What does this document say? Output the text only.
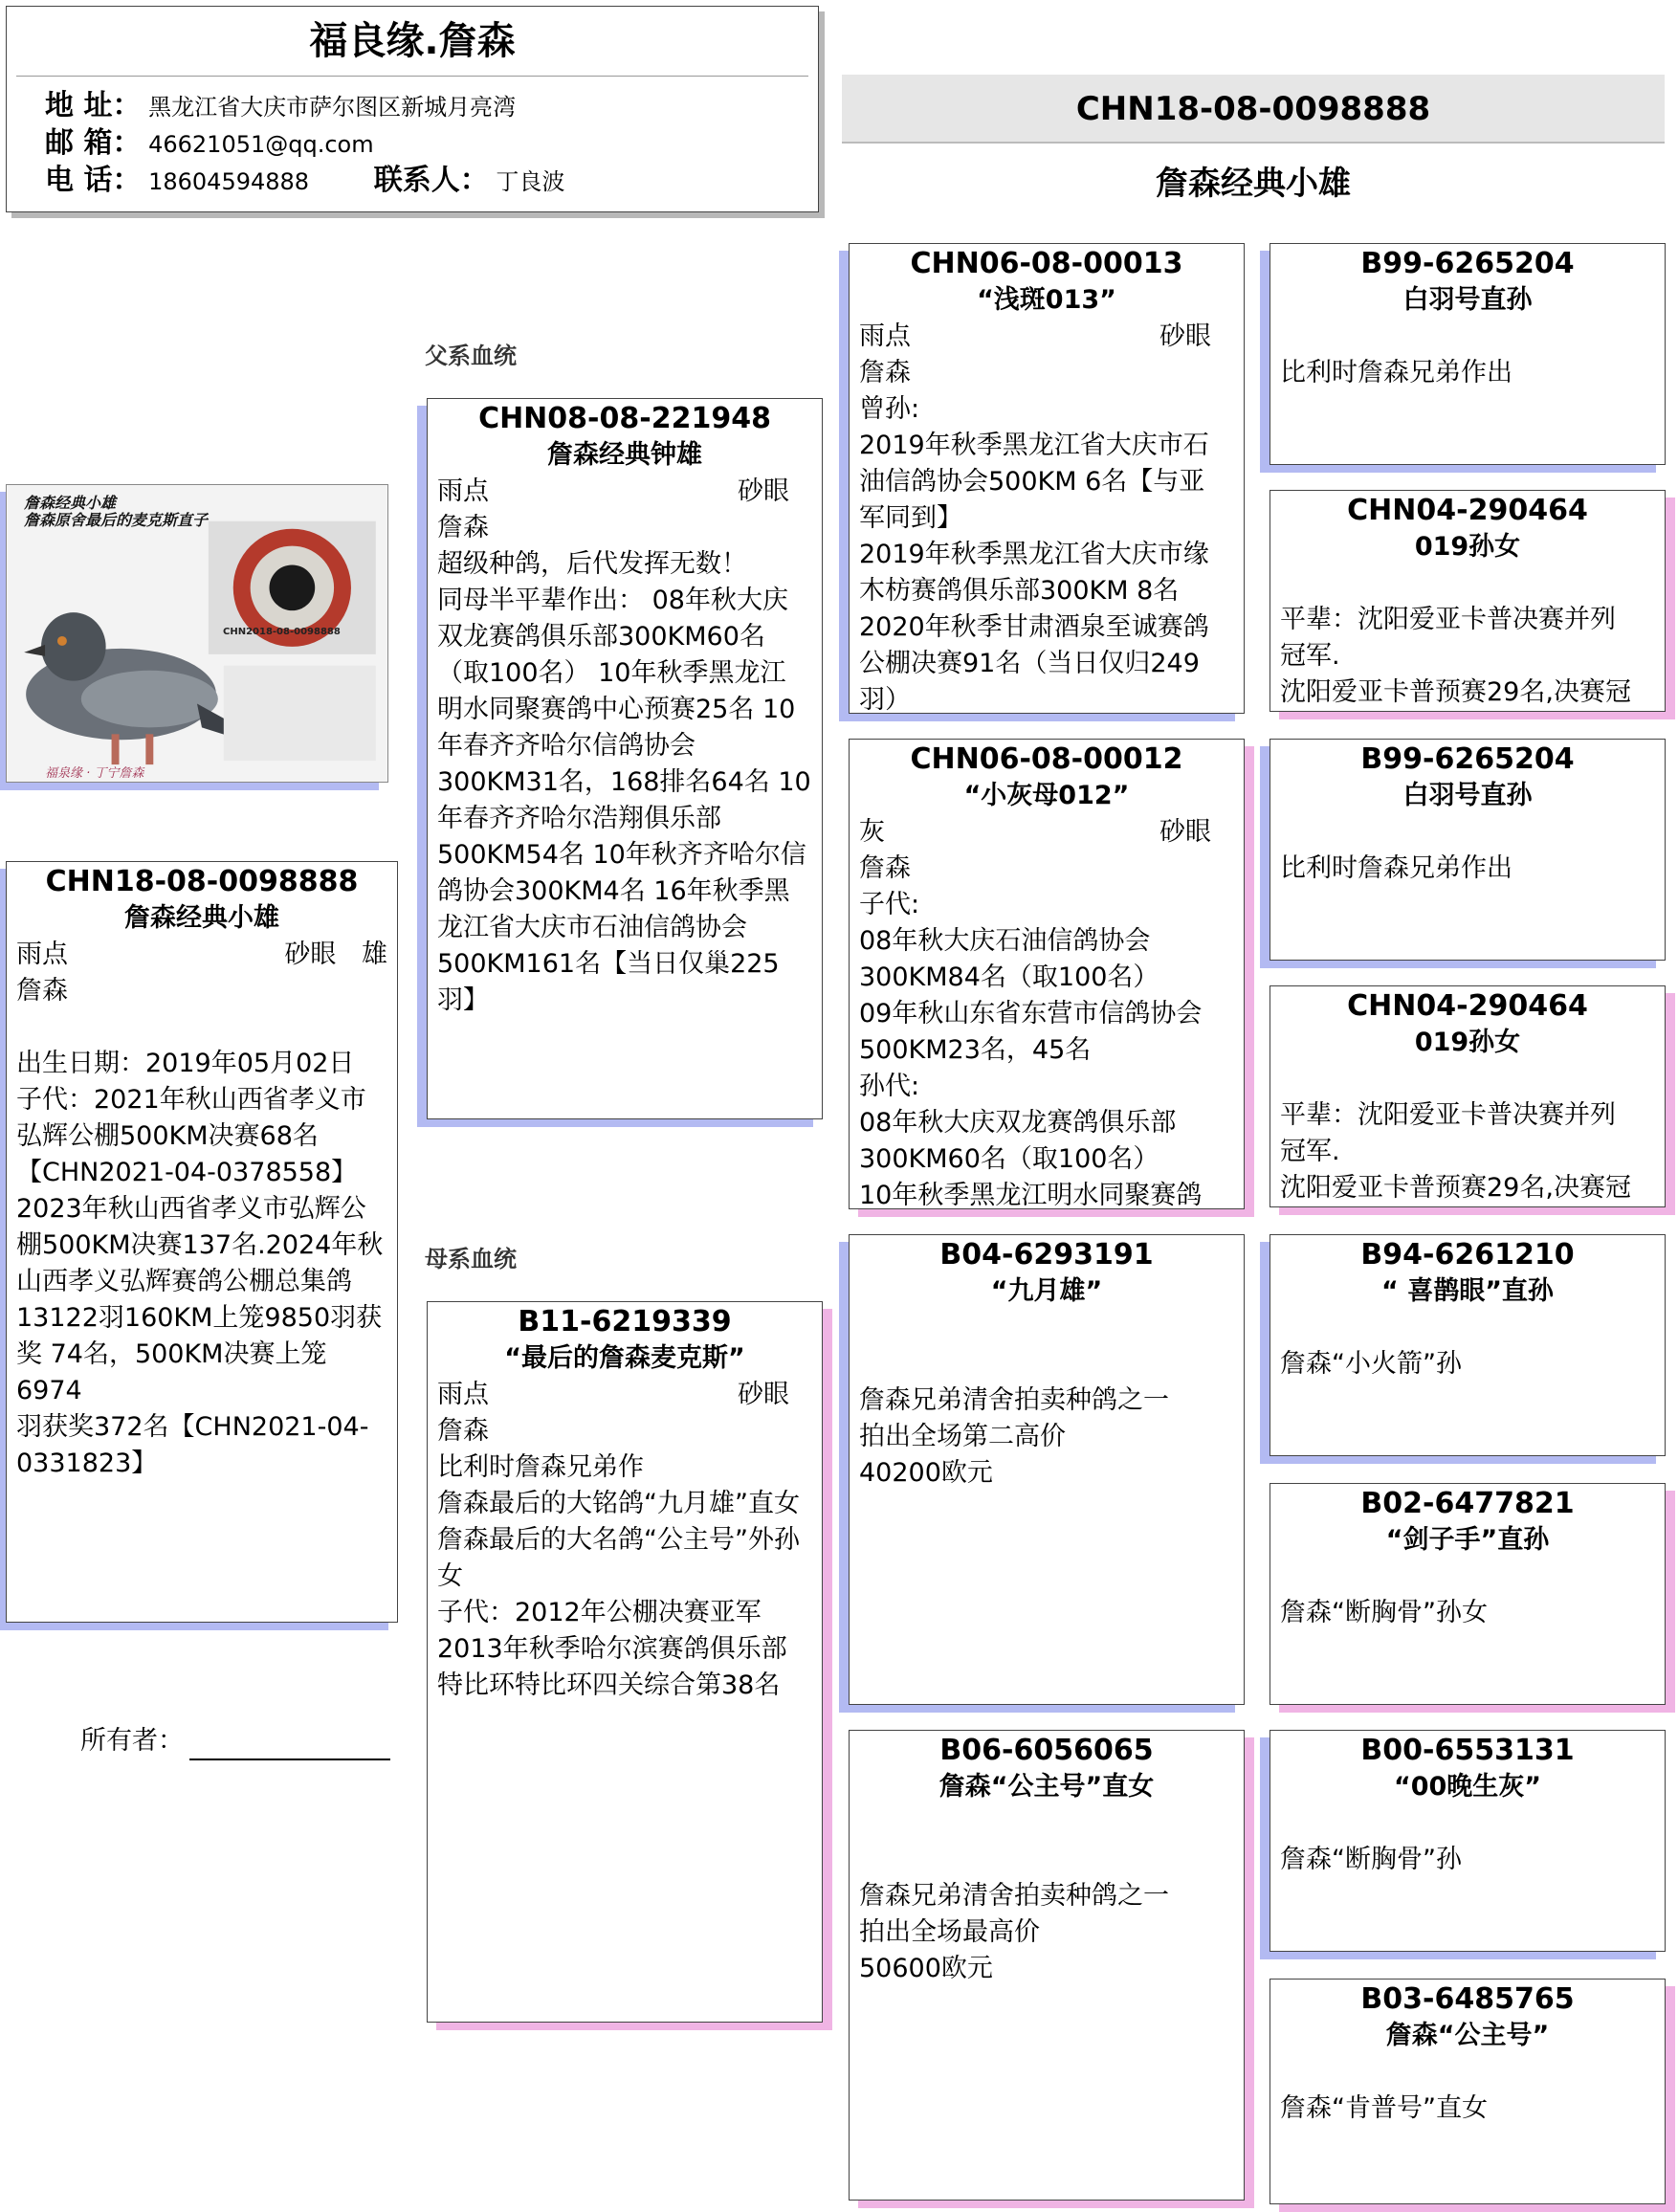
福良缘.詹森
地 址： 黑龙江省大庆市萨尔图区新城月亮湾
邮 箱： 46621051@qq.com
电 话： 18604594888 联系人： 丁良波
CHN18-08-0098888
詹森经典小雄
詹森经典小雄
詹森原舍最后的麦克斯直子
CHN2018-08-0098888
福泉缘 · 丁宁詹森
父系血统
母系血统
CHN18-08-0098888
詹森经典小雄
雨点	砂眼 雄
詹森
出生日期：2019年05月02日
子代：2021年秋山西省孝义市
弘辉公棚500KM决赛68名
【CHN2021-04-0378558】
2023年秋山西省孝义市弘辉公
棚500KM决赛137名.2024年秋
山西孝义弘辉赛鸽公棚总集鸽
13122羽160KM上笼9850羽获
奖 74名，500KM决赛上笼6974
羽获奖372名【CHN2021-04-
0331823】
所有者：
CHN08-08-221948
詹森经典钟雄
雨点	砂眼
詹森
超级种鸽，后代发挥无数！
同母半平辈作出： 08年秋大庆
双龙赛鸽俱乐部300KM60名
（取100名） 10年秋季黑龙江
明水同聚赛鸽中心预赛25名 10
年春齐齐哈尔信鸽协会
300KM31名，168排名64名 10
年春齐齐哈尔浩翔俱乐部
500KM54名 10年秋齐齐哈尔信
鸽协会300KM4名 16年秋季黑
龙江省大庆市石油信鸽协会
500KM161名【当日仅巢225
羽】
B11-6219339
“最后的詹森麦克斯”
雨点	砂眼
詹森
比利时詹森兄弟作
詹森最后的大铭鸽“九月雄”直女
詹森最后的大名鸽“公主号”外孙
女
子代：2012年公棚决赛亚军
2013年秋季哈尔滨赛鸽俱乐部
特比环特比环四关综合第38名
CHN06-08-00013
“浅斑013”
雨点	砂眼
詹森
曾孙:
2019年秋季黑龙江省大庆市石
油信鸽协会500KM 6名【与亚
军同到】
2019年秋季黑龙江省大庆市缘
木枋赛鸽俱乐部300KM 8名
2020年秋季甘肃酒泉至诚赛鸽
公棚决赛91名（当日仅归249
羽）
CHN06-08-00012
“小灰母012”
灰	砂眼
詹森
子代:
08年秋大庆石油信鸽协会
300KM84名（取100名）
09年秋山东省东营市信鸽协会
500KM23名，45名
孙代:
08年秋大庆双龙赛鸽俱乐部
300KM60名（取100名）
10年秋季黑龙江明水同聚赛鸽
B04-6293191
“九月雄”
詹森兄弟清舍拍卖种鸽之一
拍出全场第二高价
40200欧元
B06-6056065
詹森“公主号”直女
詹森兄弟清舍拍卖种鸽之一
拍出全场最高价
50600欧元
B99-6265204
白羽号直孙
比利时詹森兄弟作出
CHN04-290464
019孙女
平辈：沈阳爱亚卡普决赛并列
冠军.
沈阳爱亚卡普预赛29名,决赛冠
B99-6265204
白羽号直孙
比利时詹森兄弟作出
CHN04-290464
019孙女
平辈：沈阳爱亚卡普决赛并列
冠军.
沈阳爱亚卡普预赛29名,决赛冠
B94-6261210
“ 喜鹊眼”直孙
詹森“小火箭”孙
B02-6477821
“剑子手”直孙
詹森“断胸骨”孙女
B00-6553131
“00晚生灰”
詹森“断胸骨”孙
B03-6485765
詹森“公主号”
詹森“肯普号”直女
